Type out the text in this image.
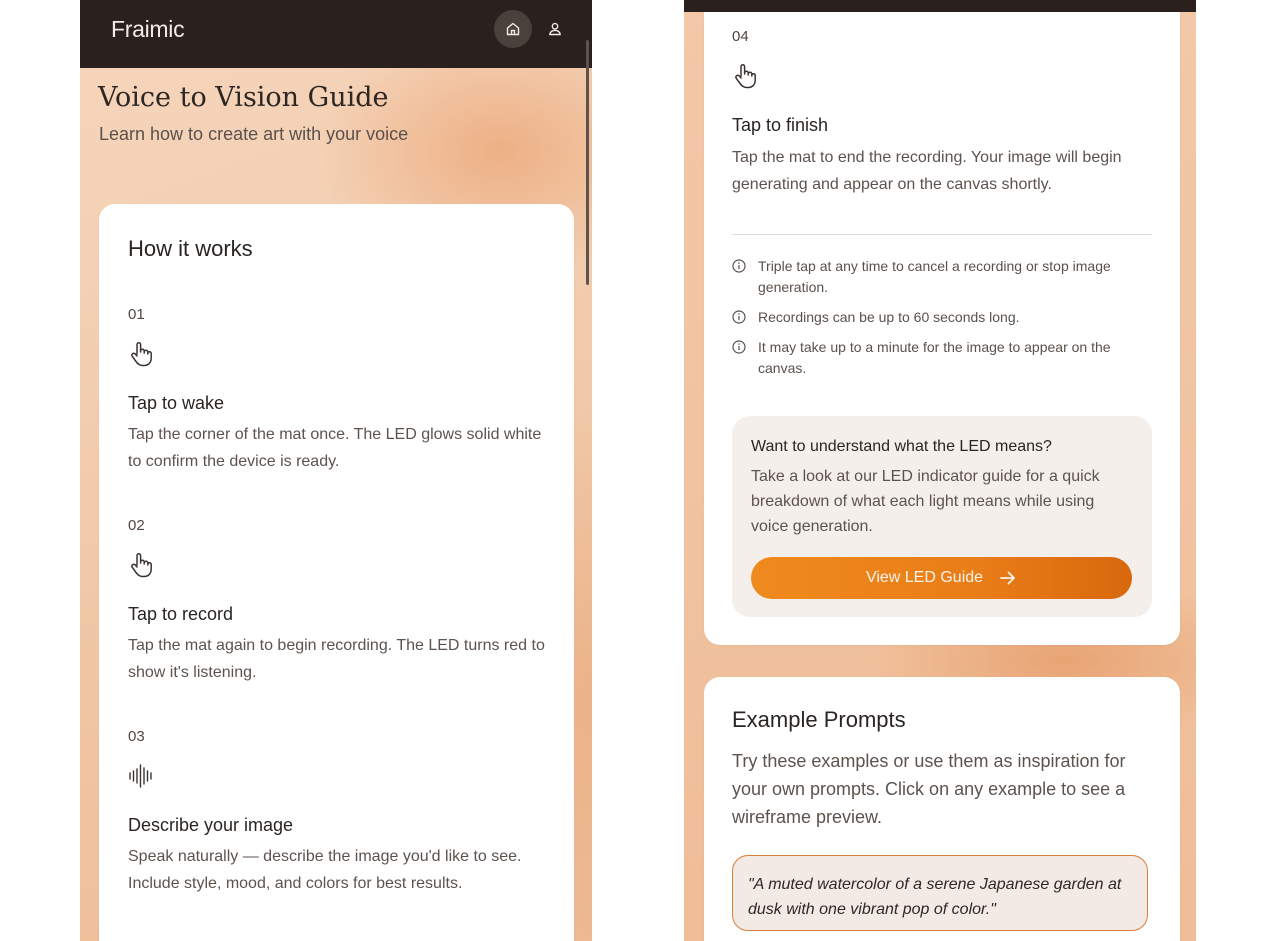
Fraimic
Voice to Vision Guide

Learn how to create art with your voice

How it works
01
Tap to wake

Tap the corner of the mat once. The LED glows solid white to confirm the device is ready.

02
Tap to record

Tap the mat again to begin recording. The LED turns red to show it's listening.

03
Describe your image

Speak naturally — describe the image you'd like to see. Include style, mood, and colors for best results.

04
Tap to finish

Tap the mat to end the recording. Your image will begin generating and appear on the canvas shortly.

Triple tap at any time to cancel a recording or stop image generation.
Recordings can be up to 60 seconds long.
It may take up to a minute for the image to appear on the canvas.
Want to understand what the LED means?
Take a look at our LED indicator guide for a quick breakdown of what each light means while using voice generation.
View LED Guide
Example Prompts
Try these examples or use them as inspiration for your own prompts. Click on any example to see a wireframe preview.
"A muted watercolor of a serene Japanese garden at dusk with one vibrant pop of color."
